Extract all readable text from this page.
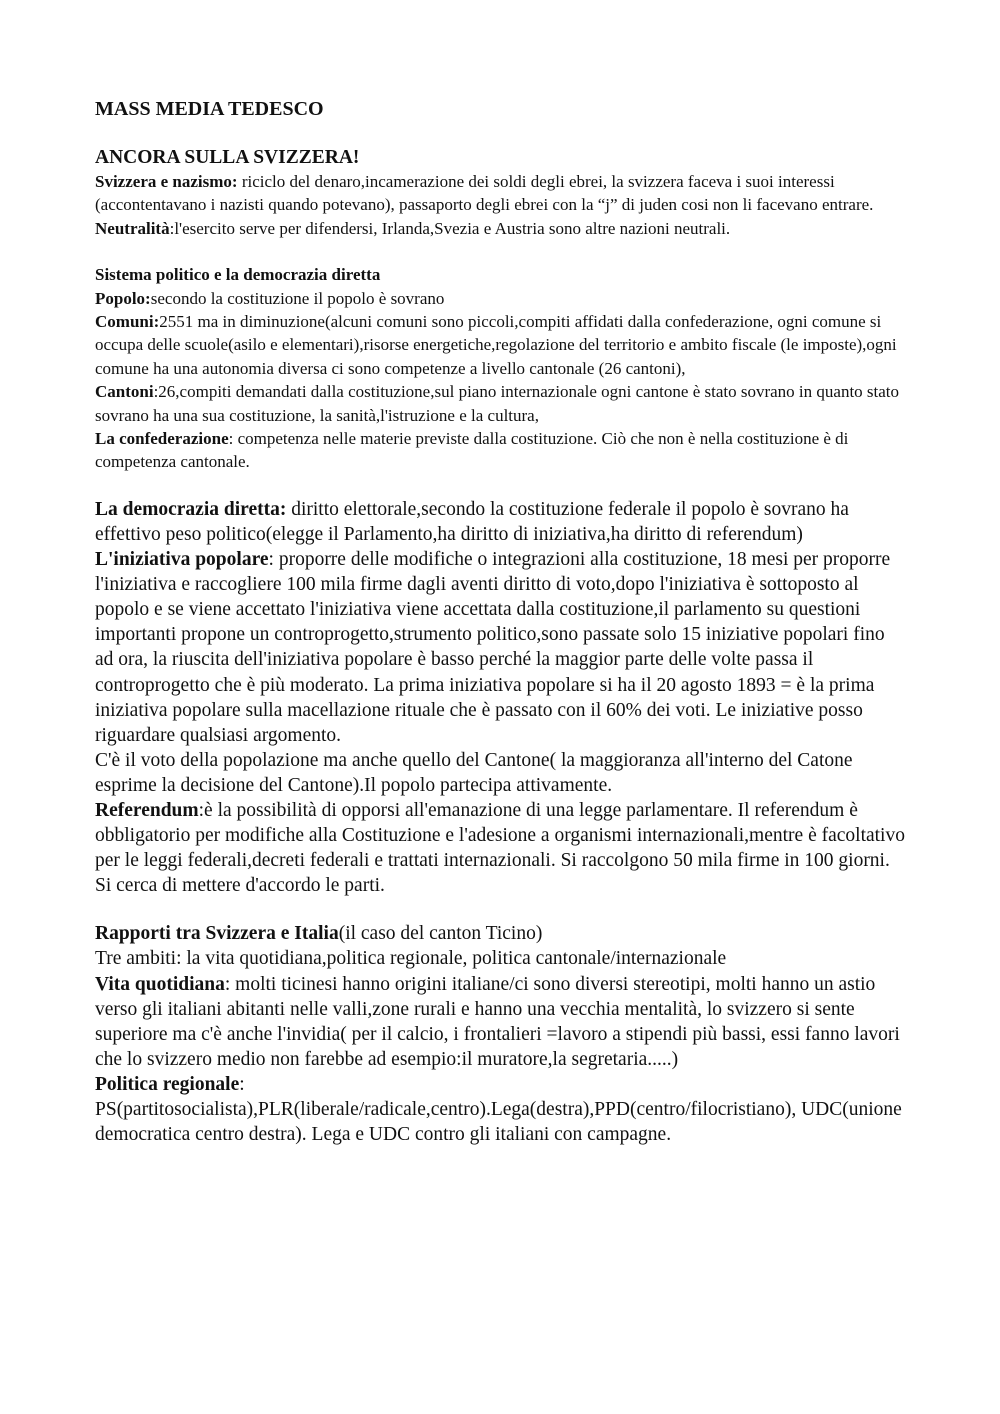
MASS MEDIA TEDESCO

ANCORA SULLA SVIZZERA!

Svizzera e nazismo: riciclo del denaro,incamerazione dei soldi degli ebrei, la svizzera faceva i suoi interessi (accontentavano i nazisti quando potevano), passaporto degli ebrei con la “j” di juden cosi non li facevano entrare.

Neutralità:l'esercito serve per difendersi, Irlanda,Svezia e Austria sono altre nazioni neutrali.

Sistema politico e la democrazia diretta

Popolo:secondo la costituzione il popolo è sovrano

Comuni:2551 ma in diminuzione(alcuni comuni sono piccoli,compiti affidati dalla confederazione, ogni comune si occupa delle scuole(asilo e elementari),risorse energetiche,regolazione del territorio e ambito fiscale (le imposte),ogni comune ha una autonomia diversa ci sono competenze a livello cantonale (26 cantoni),

Cantoni:26,compiti demandati dalla costituzione,sul piano internazionale ogni cantone è stato sovrano in quanto stato sovrano ha una sua costituzione, la sanità,l'istruzione e la cultura,

La confederazione: competenza nelle materie previste dalla costituzione. Ciò che non è nella costituzione è di competenza cantonale.

La democrazia diretta: diritto elettorale,secondo la costituzione federale il popolo è sovrano ha effettivo peso politico(elegge il Parlamento,ha diritto di iniziativa,ha diritto di referendum)

L'iniziativa popolare: proporre delle modifiche o integrazioni alla costituzione, 18 mesi per proporre l'iniziativa e raccogliere 100 mila firme dagli aventi diritto di voto,dopo l'iniziativa è sottoposto al popolo e se viene accettato l'iniziativa viene accettata dalla costituzione,il parlamento su questioni importanti propone un controprogetto,strumento politico,sono passate solo 15 iniziative popolari fino ad ora, la riuscita dell'iniziativa popolare è basso perché la maggior parte delle volte passa il controprogetto che è più moderato. La prima iniziativa popolare si ha il 20 agosto 1893 = è la prima iniziativa popolare sulla macellazione rituale che è passato con il 60% dei voti. Le iniziative posso riguardare qualsiasi argomento.

C'è il voto della popolazione ma anche quello del Cantone( la maggioranza all'interno del Catone esprime la decisione del Cantone).Il popolo partecipa attivamente.

Referendum:è la possibilità di opporsi all'emanazione di una legge parlamentare. Il referendum è obbligatorio per modifiche alla Costituzione e l'adesione a organismi internazionali,mentre è facoltativo per le leggi federali,decreti federali e trattati internazionali. Si raccolgono 50 mila firme in 100 giorni. Si cerca di mettere d'accordo le parti.

Rapporti tra Svizzera e Italia(il caso del canton Ticino)

Tre ambiti: la vita quotidiana,politica regionale, politica cantonale/internazionale

Vita quotidiana: molti ticinesi hanno origini italiane/ci sono diversi stereotipi, molti hanno un astio verso gli italiani abitanti nelle valli,zone rurali e hanno una vecchia mentalità, lo svizzero si sente superiore ma c'è anche l'invidia( per il calcio, i frontalieri =lavoro a stipendi più bassi, essi fanno lavori che lo svizzero medio non farebbe ad esempio:il muratore,la segretaria.....)

Politica regionale:

PS(partitosocialista),PLR(liberale/radicale,centro).Lega(destra),PPD(centro/filocristiano), UDC(unione democratica centro destra). Lega e UDC contro gli italiani con campagne.
